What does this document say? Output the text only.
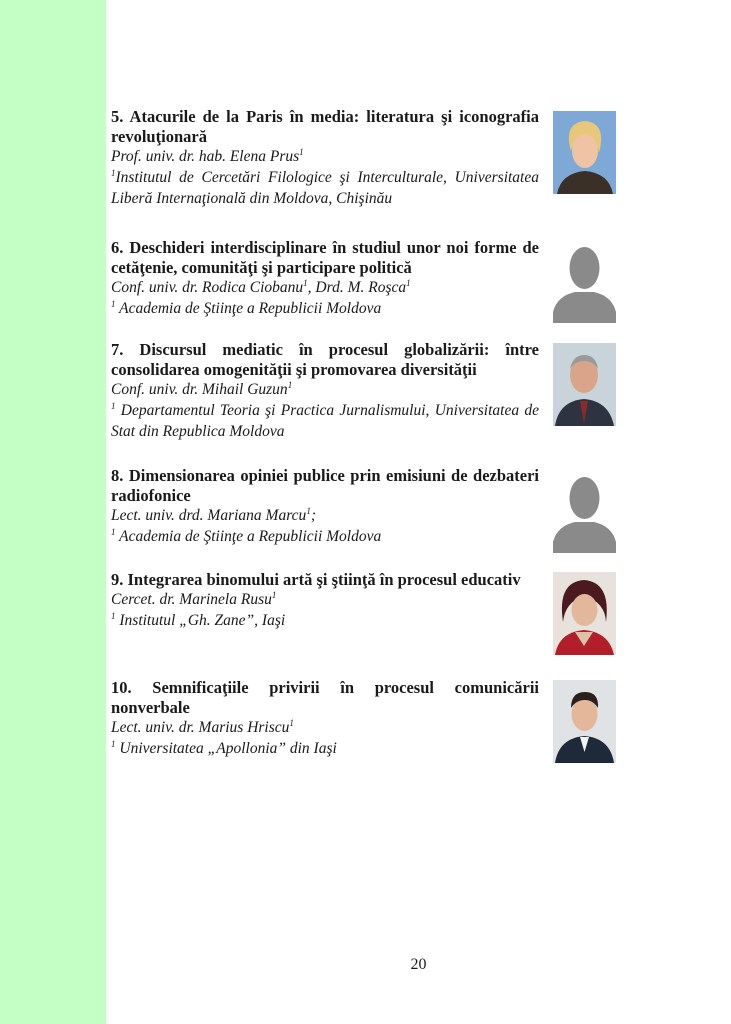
5. Atacurile de la Paris în media: literatura şi iconografia revoluţionară
Prof. univ. dr. hab. Elena Prus$^1$
$^1$Institutul de Cercetări Filologice şi Interculturale, Universitatea Liberă Internaţională din Moldova, Chişinău
6. Deschideri interdisciplinare în studiul unor noi forme de cetăţenie, comunităţi şi participare politică
Conf. univ. dr. Rodica Ciobanu$^1$, Drd. M. Roşca$^1$
$^1$ Academia de Ştiinţe a Republicii Moldova
7. Discursul mediatic în procesul globalizării: între consolidarea omogenităţii şi promovarea diversităţii
Conf. univ. dr. Mihail Guzun$^1$
$^1$ Departamentul Teoria şi Practica Jurnalismului, Universitatea de Stat din Republica Moldova
8. Dimensionarea opiniei publice prin emisiuni de dezbateri radiofonice
Lect. univ. drd. Mariana Marcu$^1$;
$^1$ Academia de Ştiinţe a Republicii Moldova
9. Integrarea binomului artă şi ştiinţă în procesul educativ
Cercet. dr. Marinela Rusu$^1$
$^1$ Institutul „Gh. Zane”, Iaşi
10. Semnificaţiile privirii în procesul comunicării nonverbale
Lect. univ. dr. Marius Hriscu$^1$
$^1$ Universitatea „Apollonia” din Iaşi
20
